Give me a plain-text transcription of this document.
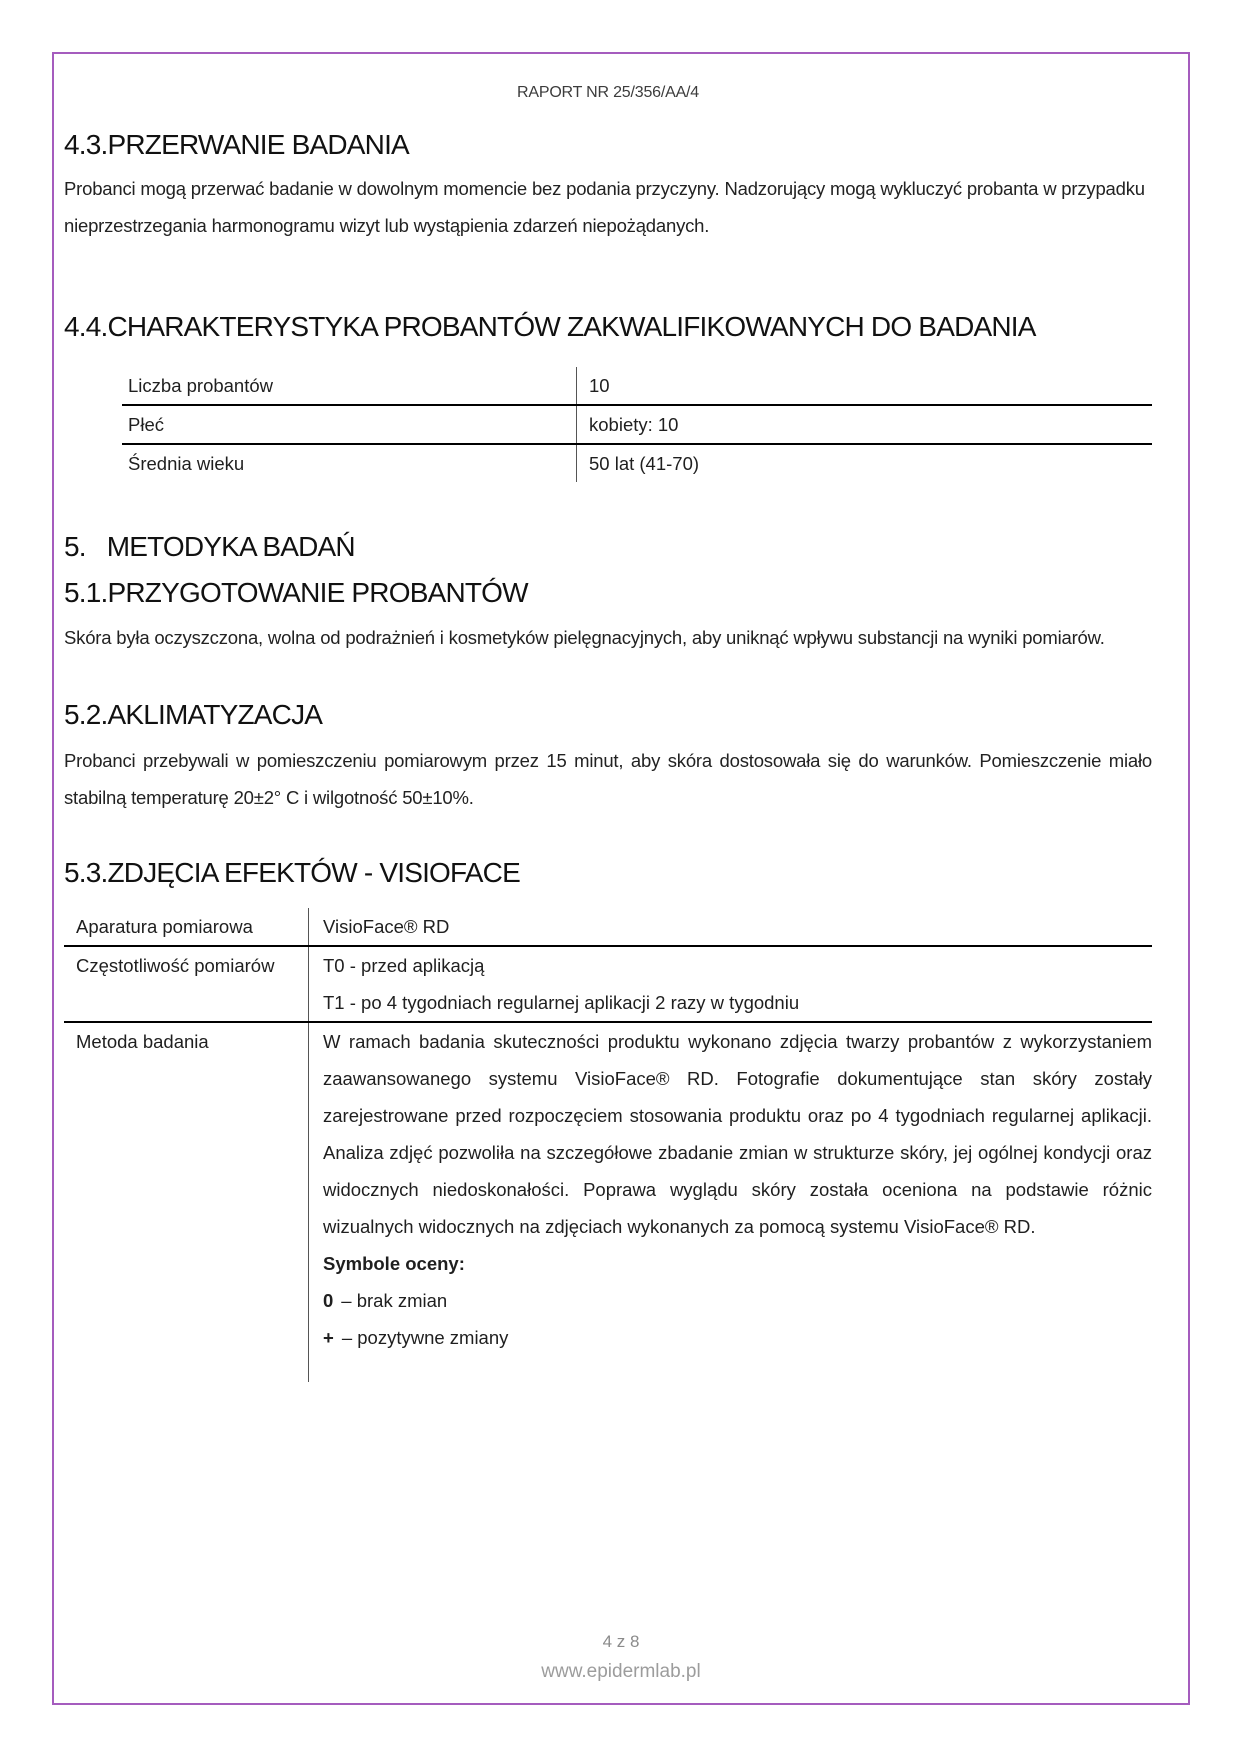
RAPORT NR 25/356/AA/4
4.3.PRZERWANIE BADANIA

Probanci mogą przerwać badanie w dowolnym momencie bez podania przyczyny. Nadzorujący mogą wykluczyć probanta w przypadku nieprzestrzegania harmonogramu wizyt lub wystąpienia zdarzeń niepożądanych.

4.4.CHARAKTERYSTYKA PROBANTÓW ZAKWALIFIKOWANYCH DO BADANIA
Liczba probantów	10
Płeć	kobiety: 10
Średnia wieku	50 lat (41-70)
5.   METODYKA BADAŃ
5.1.PRZYGOTOWANIE PROBANTÓW

Skóra była oczyszczona, wolna od podrażnień i kosmetyków pielęgnacyjnych, aby uniknąć wpływu substancji na wyniki pomiarów.

5.2.AKLIMATYZACJA

Probanci przebywali w pomieszczeniu pomiarowym przez 15 minut, aby skóra dostosowała się do warunków. Pomieszczenie miało stabilną temperaturę 20±2° C i wilgotność 50±10%.

5.3.ZDJĘCIA EFEKTÓW - VISIOFACE
Aparatura pomiarowa	VisioFace® RD
Częstotliwość pomiarów	T0 - przed aplikacją
T1 - po 4 tygodniach regularnej aplikacji 2 razy w tygodniu
Metoda badania	W ramach badania skuteczności produktu wykonano zdjęcia twarzy probantów z wykorzystaniem zaawansowanego systemu VisioFace® RD. Fotografie dokumentujące stan skóry zostały zarejestrowane przed rozpoczęciem stosowania produktu oraz po 4 tygodniach regularnej aplikacji. Analiza zdjęć pozwoliła na szczegółowe zbadanie zmian w strukturze skóry, jej ogólnej kondycji oraz widocznych niedoskonałości. Poprawa wyglądu skóry została oceniona na podstawie różnic wizualnych widocznych na zdjęciach wykonanych za pomocą systemu VisioFace® RD.
Symbole oceny:
0 – brak zmian
+ – pozytywne zmiany
4 z 8
www.epidermlab.pl
